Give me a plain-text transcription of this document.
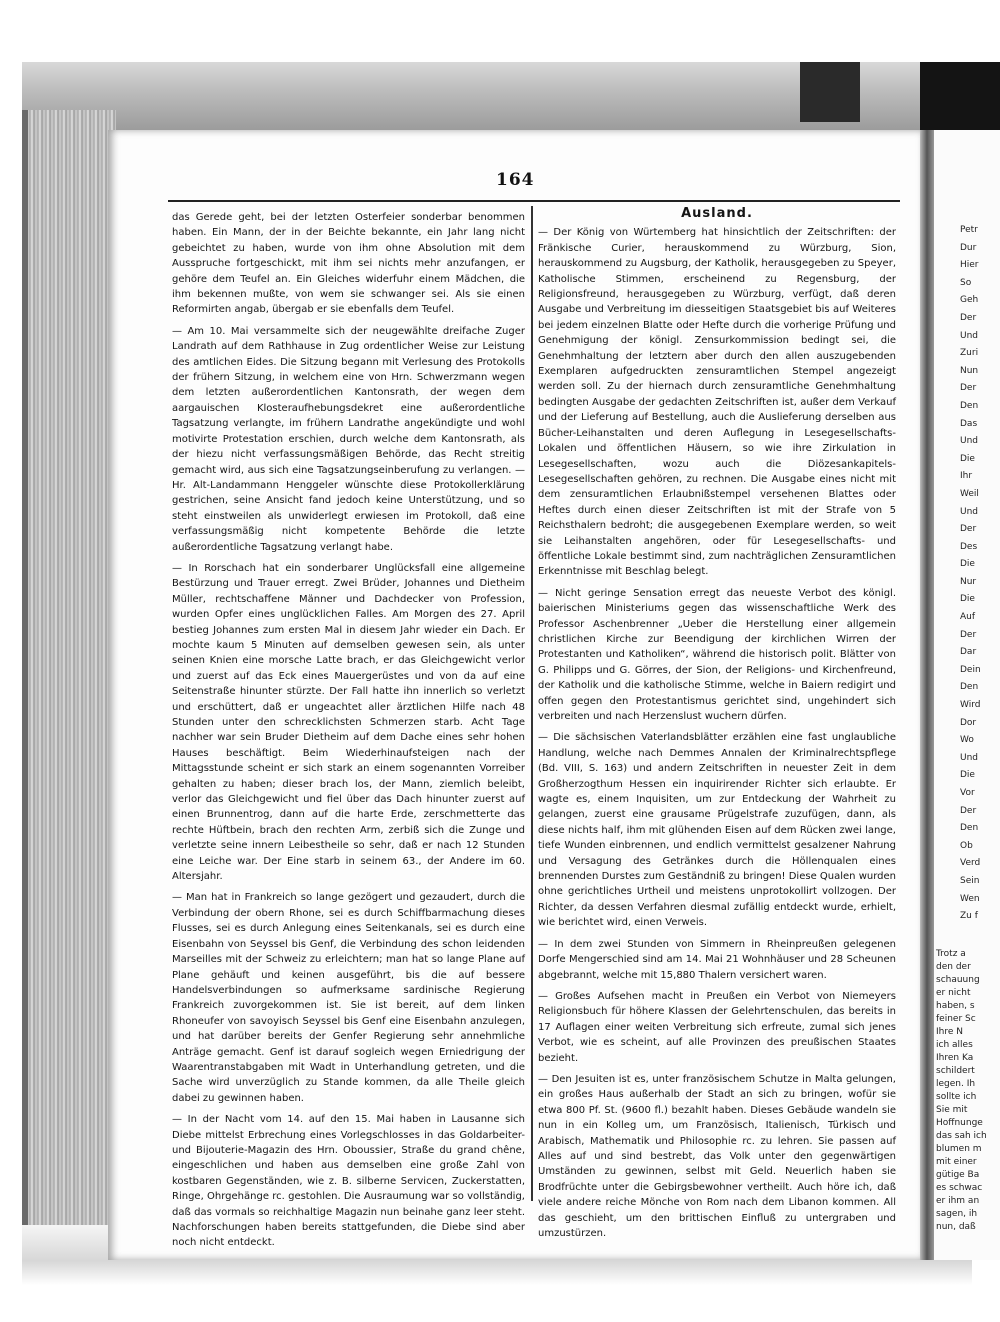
Petr
Dur
Hier
So
Geh
Der
Und
Zuri
Nun
Der
Den
Das
Und
Die
Ihr
Weil
Und
Der
Des
Die
Nur
Die
Auf
Der
Dar
Dein
Den
Wird
Dor
Wo
Und
Die
Vor
Der
Den
Ob
Verd
Sein
Wen
Zu f
Trotz a
den der
schauung
er nicht
haben, s
feiner Sc
Ihre N
ich alles
Ihren Ka
schildert
legen. Ih
sollte ich
Sie mit
Hoffnunge
das sah ich
blumen m
mit einer
gütige Ba
es schwac
er ihm an
sagen, ih
nun, daß
164

das Gerede geht, bei der letzten Osterfeier sonderbar benommen haben. Ein Mann, der in der Beichte bekannte, ein Jahr lang nicht gebeichtet zu haben, wurde von ihm ohne Absolution mit dem Ausspruche fortgeschickt, mit ihm sei nichts mehr anzufangen, er gehöre dem Teufel an. Ein Gleiches widerfuhr einem Mädchen, die ihm bekennen mußte, von wem sie schwanger sei. Als sie einen Reformirten angab, übergab er sie ebenfalls dem Teufel.

— Am 10. Mai versammelte sich der neugewählte dreifache Zuger Landrath auf dem Rathhause in Zug ordentlicher Weise zur Leistung des amtlichen Eides. Die Sitzung begann mit Verlesung des Protokolls der frühern Sitzung, in welchem eine von Hrn. Schwerzmann wegen dem letzten außerordentlichen Kantonsrath, der wegen dem aargauischen Klosteraufhebungsdekret eine außerordentliche Tagsatzung verlangte, im frühern Landrathe angekündigte und wohl motivirte Protestation erschien, durch welche dem Kantonsrath, als der hiezu nicht verfassungsmäßigen Behörde, das Recht streitig gemacht wird, aus sich eine Tagsatzungseinberufung zu verlangen. — Hr. Alt-Landammann Henggeler wünschte diese Protokollerklärung gestrichen, seine Ansicht fand jedoch keine Unterstützung, und so steht einstweilen als unwiderlegt erwiesen im Protokoll, daß eine verfassungsmäßig nicht kompetente Behörde die letzte außerordentliche Tagsatzung verlangt habe.

— In Rorschach hat ein sonderbarer Unglücksfall eine allgemeine Bestürzung und Trauer erregt. Zwei Brüder, Johannes und Dietheim Müller, rechtschaffene Männer und Dachdecker von Profession, wurden Opfer eines unglücklichen Falles. Am Morgen des 27. April bestieg Johannes zum ersten Mal in diesem Jahr wieder ein Dach. Er mochte kaum 5 Minuten auf demselben gewesen sein, als unter seinen Knien eine morsche Latte brach, er das Gleichgewicht verlor und zuerst auf das Eck eines Mauergerüstes und von da auf eine Seitenstraße hinunter stürzte. Der Fall hatte ihn innerlich so verletzt und erschüttert, daß er ungeachtet aller ärztlichen Hilfe nach 48 Stunden unter den schrecklichsten Schmerzen starb. Acht Tage nachher war sein Bruder Dietheim auf dem Dache eines sehr hohen Hauses beschäftigt. Beim Wiederhinaufsteigen nach der Mittagsstunde scheint er sich stark an einem sogenannten Vorreiber gehalten zu haben; dieser brach los, der Mann, ziemlich beleibt, verlor das Gleichgewicht und fiel über das Dach hinunter zuerst auf einen Brunnentrog, dann auf die harte Erde, zerschmetterte das rechte Hüftbein, brach den rechten Arm, zerbiß sich die Zunge und verletzte seine innern Leibestheile so sehr, daß er nach 12 Stunden eine Leiche war. Der Eine starb in seinem 63., der Andere im 60. Altersjahr.

— Man hat in Frankreich so lange gezögert und gezaudert, durch die Verbindung der obern Rhone, sei es durch Schiffbarmachung dieses Flusses, sei es durch Anlegung eines Seitenkanals, sei es durch eine Eisenbahn von Seyssel bis Genf, die Verbindung des schon leidenden Marseilles mit der Schweiz zu erleichtern; man hat so lange Plane auf Plane gehäuft und keinen ausgeführt, bis die auf bessere Handelsverbindungen so aufmerksame sardinische Regierung Frankreich zuvorgekommen ist. Sie ist bereit, auf dem linken Rhoneufer von savoyisch Seyssel bis Genf eine Eisenbahn anzulegen, und hat darüber bereits der Genfer Regierung sehr annehmliche Anträge gemacht. Genf ist darauf sogleich wegen Erniedrigung der Waarentranstabgaben mit Wadt in Unterhandlung getreten, und die Sache wird unverzüglich zu Stande kommen, da alle Theile gleich dabei zu gewinnen haben.

— In der Nacht vom 14. auf den 15. Mai haben in Lausanne sich Diebe mittelst Erbrechung eines Vorlegschlosses in das Goldarbeiter- und Bijouterie-Magazin des Hrn. Oboussier, Straße du grand chêne, eingeschlichen und haben aus demselben eine große Zahl von kostbaren Gegenständen, wie z. B. silberne Servicen, Zuckerstatten, Ringe, Ohrgehänge rc. gestohlen. Die Ausraumung war so vollständig, daß das vormals so reichhaltige Magazin nun beinahe ganz leer steht. Nachforschungen haben bereits stattgefunden, die Diebe sind aber noch nicht entdeckt.

Ausland.

— Der König von Würtemberg hat hinsichtlich der Zeitschriften: der Fränkische Curier, herauskommend zu Würzburg, Sion, herauskommend zu Augsburg, der Katholik, herausgegeben zu Speyer, Katholische Stimmen, erscheinend zu Regensburg, der Religionsfreund, herausgegeben zu Würzburg, verfügt, daß deren Ausgabe und Verbreitung im diesseitigen Staatsgebiet bis auf Weiteres bei jedem einzelnen Blatte oder Hefte durch die vorherige Prüfung und Genehmigung der königl. Zensurkommission bedingt sei, die Genehmhaltung der letztern aber durch den allen auszugebenden Exemplaren aufgedruckten zensuramtlichen Stempel angezeigt werden soll. Zu der hiernach durch zensuramtliche Genehmhaltung bedingten Ausgabe der gedachten Zeitschriften ist, außer dem Verkauf und der Lieferung auf Bestellung, auch die Auslieferung derselben aus Bücher-Leihanstalten und deren Auflegung in Lesegesellschafts-Lokalen und öffentlichen Häusern, so wie ihre Zirkulation in Lesegesellschaften, wozu auch die Diözesankapitels-Lesegesellschaften gehören, zu rechnen. Die Ausgabe eines nicht mit dem zensuramtlichen Erlaubnißstempel versehenen Blattes oder Heftes durch einen dieser Zeitschriften ist mit der Strafe von 5 Reichsthalern bedroht; die ausgegebenen Exemplare werden, so weit sie Leihanstalten angehören, oder für Lesegesellschafts- und öffentliche Lokale bestimmt sind, zum nachträglichen Zensuramtlichen Erkenntnisse mit Beschlag belegt.

— Nicht geringe Sensation erregt das neueste Verbot des königl. baierischen Ministeriums gegen das wissenschaftliche Werk des Professor Aschenbrenner „Ueber die Herstellung einer allgemein christlichen Kirche zur Beendigung der kirchlichen Wirren der Protestanten und Katholiken“, während die historisch polit. Blätter von G. Philipps und G. Görres, der Sion, der Religions- und Kirchenfreund, der Katholik und die katholische Stimme, welche in Baiern redigirt und offen gegen den Protestantismus gerichtet sind, ungehindert sich verbreiten und nach Herzenslust wuchern dürfen.

— Die sächsischen Vaterlandsblätter erzählen eine fast unglaubliche Handlung, welche nach Demmes Annalen der Kriminalrechtspflege (Bd. VIII, S. 163) und andern Zeitschriften in neuester Zeit in dem Großherzogthum Hessen ein inquirirender Richter sich erlaubte. Er wagte es, einem Inquisiten, um zur Entdeckung der Wahrheit zu gelangen, zuerst eine grausame Prügelstrafe zuzufügen, dann, als diese nichts half, ihm mit glühenden Eisen auf dem Rücken zwei lange, tiefe Wunden einbrennen, und endlich vermittelst gesalzener Nahrung und Versagung des Getränkes durch die Höllenqualen eines brennenden Durstes zum Geständniß zu bringen! Diese Qualen wurden ohne gerichtliches Urtheil und meistens unprotokollirt vollzogen. Der Richter, da dessen Verfahren diesmal zufällig entdeckt wurde, erhielt, wie berichtet wird, einen Verweis.

— In dem zwei Stunden von Simmern in Rheinpreußen gelegenen Dorfe Mengerschied sind am 14. Mai 21 Wohnhäuser und 28 Scheunen abgebrannt, welche mit 15,880 Thalern versichert waren.

— Großes Aufsehen macht in Preußen ein Verbot von Niemeyers Religionsbuch für höhere Klassen der Gelehrtenschulen, das bereits in 17 Auflagen einer weiten Verbreitung sich erfreute, zumal sich jenes Verbot, wie es scheint, auf alle Provinzen des preußischen Staates bezieht.

— Den Jesuiten ist es, unter französischem Schutze in Malta gelungen, ein großes Haus außerhalb der Stadt an sich zu bringen, wofür sie etwa 800 Pf. St. (9600 fl.) bezahlt haben. Dieses Gebäude wandeln sie nun in ein Kolleg um, um Französisch, Italienisch, Türkisch und Arabisch, Mathematik und Philosophie rc. zu lehren. Sie passen auf Alles auf und sind bestrebt, das Volk unter den gegenwärtigen Umständen zu gewinnen, selbst mit Geld. Neuerlich haben sie Brodfrüchte unter die Gebirgsbewohner vertheilt. Auch höre ich, daß viele andere reiche Mönche von Rom nach dem Libanon kommen. All das geschieht, um den brittischen Einfluß zu untergraben und umzustürzen.
